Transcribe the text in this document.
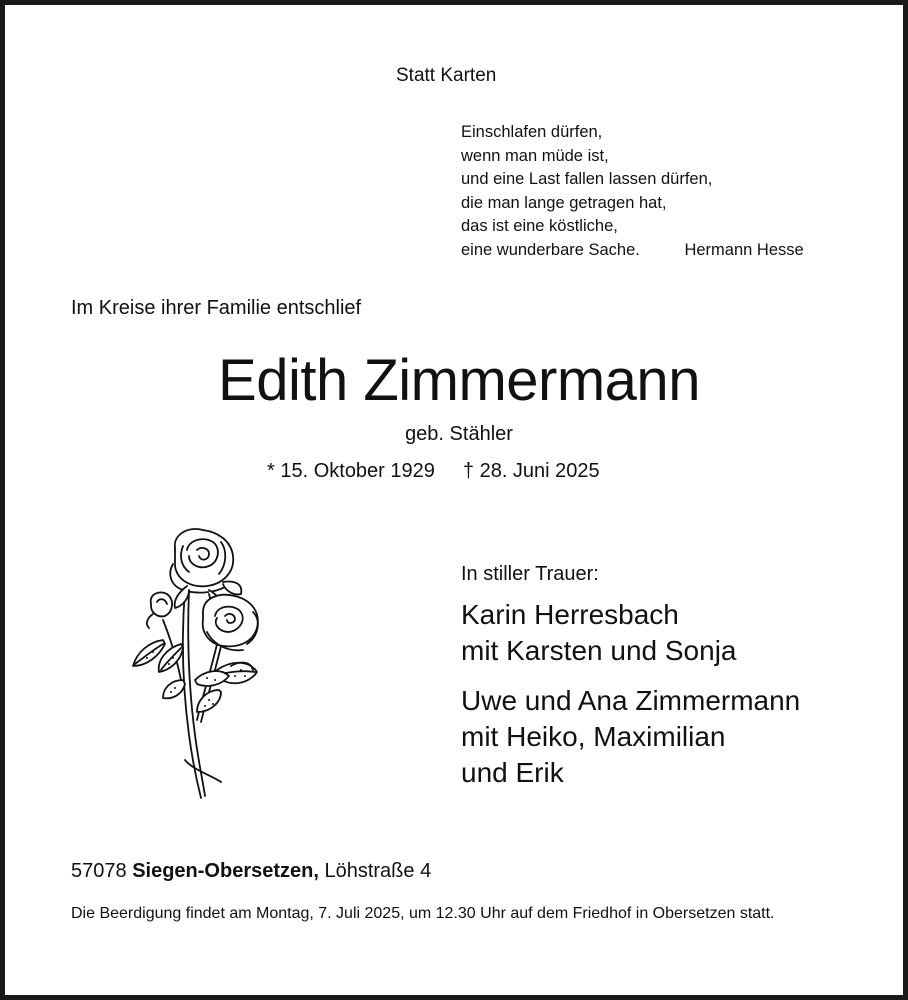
Statt Karten
Einschlafen dürfen,
wenn man müde ist,
und eine Last fallen lassen dürfen,
die man lange getragen hat,
das ist eine köstliche,
eine wunderbare Sache.	Hermann Hesse
Im Kreise ihrer Familie entschlief
Edith Zimmermann
geb. Stähler
* 15. Oktober 1929 † 28. Juni 2025
In stiller Trauer:
Karin Herresbach
mit Karsten und Sonja
Uwe und Ana Zimmermann
mit Heiko, Maximilian
und Erik
57078 Siegen-Obersetzen, Löhstraße 4
Die Beerdigung findet am Montag, 7. Juli 2025, um 12.30 Uhr auf dem Friedhof in Obersetzen statt.
